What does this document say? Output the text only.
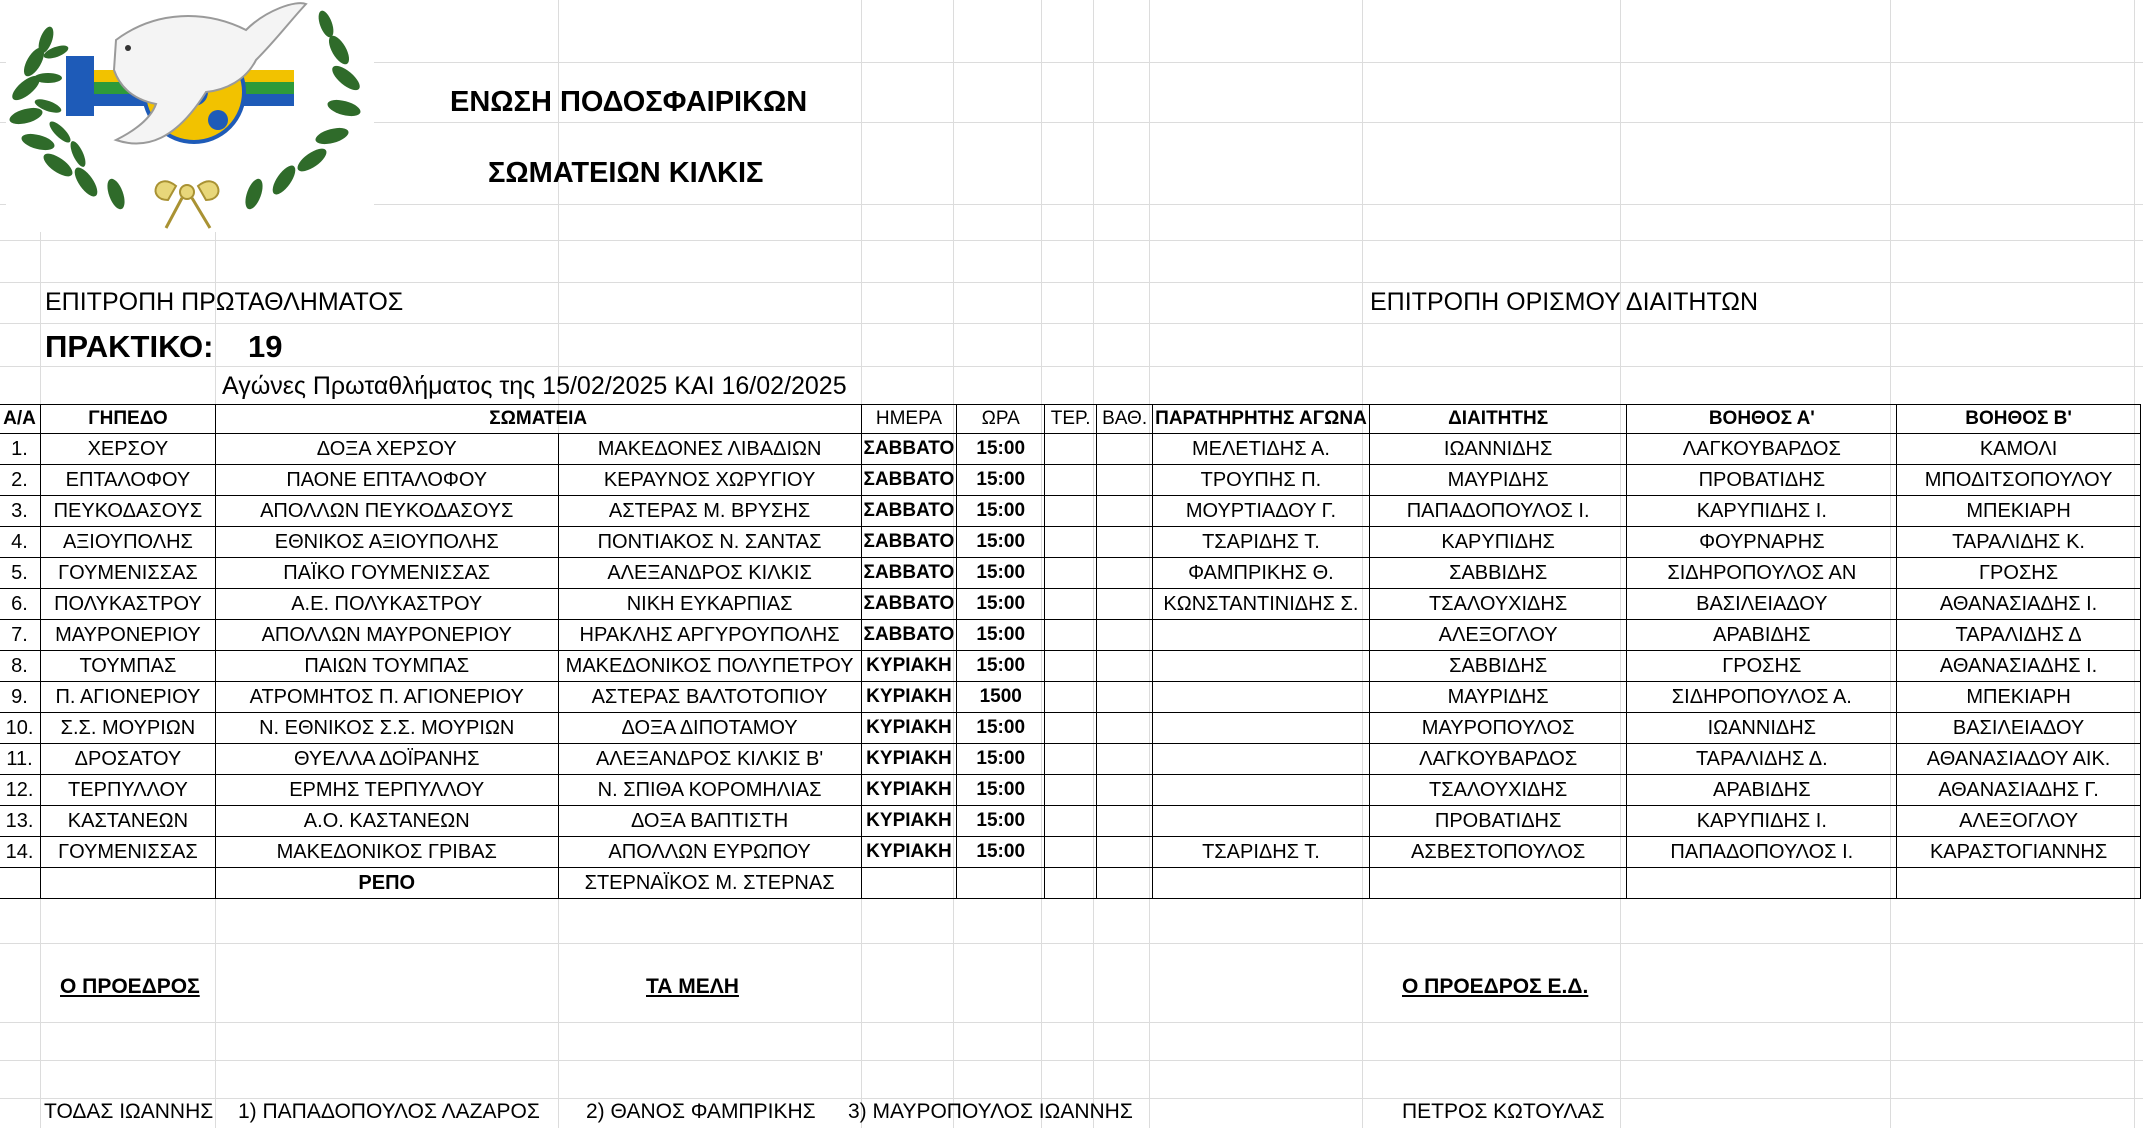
ΕΝΩΣΗ ΠΟΔΟΣΦΑΙΡΙΚΩΝ
ΣΩΜΑΤΕΙΩΝ ΚΙΛΚΙΣ
ΕΠΙΤΡΟΠΗ ΠΡΩΤΑΘΛΗΜΑΤΟΣ	ΕΠΙΤΡΟΠΗ ΟΡΙΣΜΟΥ ΔΙΑΙΤΗΤΩΝ
ΠΡΑΚΤΙΚΟ: 19
Αγώνες Πρωταθλήματος της 15/02/2025 ΚΑΙ 16/02/2025
Α/Α	ΓΗΠΕΔΟ	ΣΩΜΑΤΕΙΑ		ΗΜΕΡΑ	ΩΡΑ	ΤΕΡ.	ΒΑΘ.	ΠΑΡΑΤΗΡΗΤΗΣ ΑΓΩΝΑ	ΔΙΑΙΤΗΤΗΣ	ΒΟΗΘΟΣ Α'	ΒΟΗΘΟΣ Β'
1.	ΧΕΡΣΟΥ	ΔΟΞΑ ΧΕΡΣΟΥ	ΜΑΚΕΔΟΝΕΣ ΛΙΒΑΔΙΩΝ	ΣΑΒΒΑΤΟ	15:00			ΜΕΛΕΤΙΔΗΣ Α.	ΙΩΑΝΝΙΔΗΣ	ΛΑΓΚΟΥΒΑΡΔΟΣ	ΚΑΜΟΛΙ
2.	ΕΠΤΑΛΟΦΟΥ	ΠΑΟΝΕ ΕΠΤΑΛΟΦΟΥ	ΚΕΡΑΥΝΟΣ ΧΩΡΥΓΙΟΥ	ΣΑΒΒΑΤΟ	15:00			ΤΡΟΥΠΗΣ Π.	ΜΑΥΡΙΔΗΣ	ΠΡΟΒΑΤΙΔΗΣ	ΜΠΟΔΙΤΣΟΠΟΥΛΟΥ
3.	ΠΕΥΚΟΔΑΣΟΥΣ	ΑΠΟΛΛΩΝ ΠΕΥΚΟΔΑΣΟΥΣ	ΑΣΤΕΡΑΣ Μ. ΒΡΥΣΗΣ	ΣΑΒΒΑΤΟ	15:00			ΜΟΥΡΤΙΑΔΟΥ Γ.	ΠΑΠΑΔΟΠΟΥΛΟΣ Ι.	ΚΑΡΥΠΙΔΗΣ Ι.	ΜΠΕΚΙΑΡΗ
4.	ΑΞΙΟΥΠΟΛΗΣ	ΕΘΝΙΚΟΣ ΑΞΙΟΥΠΟΛΗΣ	ΠΟΝΤΙΑΚΟΣ Ν. ΣΑΝΤΑΣ	ΣΑΒΒΑΤΟ	15:00			ΤΣΑΡΙΔΗΣ Τ.	ΚΑΡΥΠΙΔΗΣ	ΦΟΥΡΝΑΡΗΣ	ΤΑΡΑΛΙΔΗΣ Κ.
5.	ΓΟΥΜΕΝΙΣΣΑΣ	ΠΑΪΚΟ ΓΟΥΜΕΝΙΣΣΑΣ	ΑΛΕΞΑΝΔΡΟΣ ΚΙΛΚΙΣ	ΣΑΒΒΑΤΟ	15:00			ΦΑΜΠΡΙΚΗΣ Θ.	ΣΑΒΒΙΔΗΣ	ΣΙΔΗΡΟΠΟΥΛΟΣ ΑΝ	ΓΡΟΣΗΣ
6.	ΠΟΛΥΚΑΣΤΡΟΥ	Α.Ε. ΠΟΛΥΚΑΣΤΡΟΥ	ΝΙΚΗ ΕΥΚΑΡΠΙΑΣ	ΣΑΒΒΑΤΟ	15:00			ΚΩΝΣΤΑΝΤΙΝΙΔΗΣ Σ.	ΤΣΑΛΟΥΧΙΔΗΣ	ΒΑΣΙΛΕΙΑΔΟΥ	ΑΘΑΝΑΣΙΑΔΗΣ Ι.
7.	ΜΑΥΡΟΝΕΡΙΟΥ	ΑΠΟΛΛΩΝ ΜΑΥΡΟΝΕΡΙΟΥ	ΗΡΑΚΛΗΣ ΑΡΓΥΡΟΥΠΟΛΗΣ	ΣΑΒΒΑΤΟ	15:00				ΑΛΕΞΟΓΛΟΥ	ΑΡΑΒΙΔΗΣ	ΤΑΡΑΛΙΔΗΣ Δ
8.	ΤΟΥΜΠΑΣ	ΠΑΙΩΝ ΤΟΥΜΠΑΣ	ΜΑΚΕΔΟΝΙΚΟΣ ΠΟΛΥΠΕΤΡΟΥ	ΚΥΡΙΑΚΗ	15:00				ΣΑΒΒΙΔΗΣ	ΓΡΟΣΗΣ	ΑΘΑΝΑΣΙΑΔΗΣ Ι.
9.	Π. ΑΓΙΟΝΕΡΙΟΥ	ΑΤΡΟΜΗΤΟΣ Π. ΑΓΙΟΝΕΡΙΟΥ	ΑΣΤΕΡΑΣ ΒΑΛΤΟΤΟΠΙΟΥ	ΚΥΡΙΑΚΗ	1500				ΜΑΥΡΙΔΗΣ	ΣΙΔΗΡΟΠΟΥΛΟΣ Α.	ΜΠΕΚΙΑΡΗ
10.	Σ.Σ. ΜΟΥΡΙΩΝ	Ν. ΕΘΝΙΚΟΣ Σ.Σ. ΜΟΥΡΙΩΝ	ΔΟΞΑ ΔΙΠΟΤΑΜΟΥ	ΚΥΡΙΑΚΗ	15:00				ΜΑΥΡΟΠΟΥΛΟΣ	ΙΩΑΝΝΙΔΗΣ	ΒΑΣΙΛΕΙΑΔΟΥ
11.	ΔΡΟΣΑΤΟΥ	ΘΥΕΛΛΑ ΔΟΪΡΑΝΗΣ	ΑΛΕΞΑΝΔΡΟΣ ΚΙΛΚΙΣ Β'	ΚΥΡΙΑΚΗ	15:00				ΛΑΓΚΟΥΒΑΡΔΟΣ	ΤΑΡΑΛΙΔΗΣ Δ.	ΑΘΑΝΑΣΙΑΔΟΥ ΑΙΚ.
12.	ΤΕΡΠΥΛΛΟΥ	ΕΡΜΗΣ ΤΕΡΠΥΛΛΟΥ	Ν. ΣΠΙΘΑ ΚΟΡΟΜΗΛΙΑΣ	ΚΥΡΙΑΚΗ	15:00				ΤΣΑΛΟΥΧΙΔΗΣ	ΑΡΑΒΙΔΗΣ	ΑΘΑΝΑΣΙΑΔΗΣ Γ.
13.	ΚΑΣΤΑΝΕΩΝ	Α.Ο. ΚΑΣΤΑΝΕΩΝ	ΔΟΞΑ ΒΑΠΤΙΣΤΗ	ΚΥΡΙΑΚΗ	15:00				ΠΡΟΒΑΤΙΔΗΣ	ΚΑΡΥΠΙΔΗΣ Ι.	ΑΛΕΞΟΓΛΟΥ
14.	ΓΟΥΜΕΝΙΣΣΑΣ	ΜΑΚΕΔΟΝΙΚΟΣ ΓΡΙΒΑΣ	ΑΠΟΛΛΩΝ ΕΥΡΩΠΟΥ	ΚΥΡΙΑΚΗ	15:00			ΤΣΑΡΙΔΗΣ Τ.	ΑΣΒΕΣΤΟΠΟΥΛΟΣ	ΠΑΠΑΔΟΠΟΥΛΟΣ Ι.	ΚΑΡΑΣΤΟΓΙΑΝΝΗΣ
		ΡΕΠΟ	ΣΤΕΡΝΑΪΚΟΣ Μ. ΣΤΕΡΝΑΣ								
Ο ΠΡΟΕΔΡΟΣ	ΤΑ ΜΕΛΗ	Ο ΠΡΟΕΔΡΟΣ Ε.Δ.
ΤΟΔΑΣ ΙΩΑΝΝΗΣ 1) ΠΑΠΑΔΟΠΟΥΛΟΣ ΛΑΖΑΡΟΣ 2) ΘΑΝΟΣ ΦΑΜΠΡΙΚΗΣ 3) ΜΑΥΡΟΠΟΥΛΟΣ ΙΩΑΝΝΗΣ	ΠΕΤΡΟΣ ΚΩΤΟΥΛΑΣ
